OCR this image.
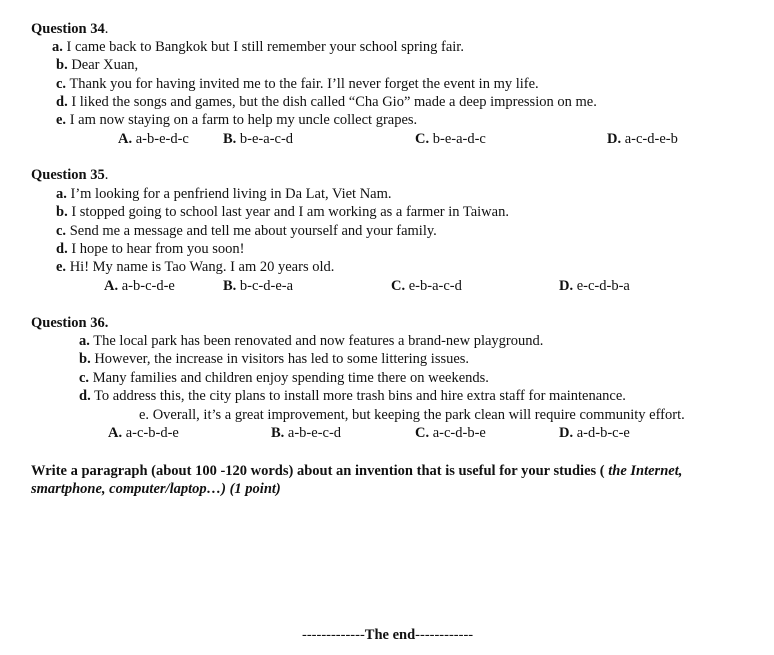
Question 34.
a. I came back to Bangkok but I still remember your school spring fair.
b. Dear Xuan,
c. Thank you for having invited me to the fair. I’ll never forget the event in my life.
d. I liked the songs and games, but the dish called “Cha Gio” made a deep impression on me.
e. I am now staying on a farm to help my uncle collect grapes.
A. a-b-e-d-c B. b-e-a-c-d	C. b-e-a-d-c	D. a-c-d-e-b
Question 35.
a. I’m looking for a penfriend living in Da Lat, Viet Nam.
b. I stopped going to school last year and I am working as a farmer in Taiwan.
c. Send me a message and tell me about yourself and your family.
d. I hope to hear from you soon!
e. Hi! My name is Tao Wang. I am 20 years old.
A. a-b-c-d-e	B. b-c-d-e-a	C. e-b-a-c-d	D. e-c-d-b-a
Question 36.
a. The local park has been renovated and now features a brand-new playground.
b. However, the increase in visitors has led to some littering issues.
c. Many families and children enjoy spending time there on weekends.
d. To address this, the city plans to install more trash bins and hire extra staff for maintenance.
e. Overall, it’s a great improvement, but keeping the park clean will require community effort.
A. a-c-b-d-e	B. a-b-e-c-d	C. a-c-d-b-e	D. a-d-b-c-e
Write a paragraph (about 100 -120 words) about an invention that is useful for your studies ( the Internet,
smartphone, computer/laptop…) (1 point)
-------------The end------------
